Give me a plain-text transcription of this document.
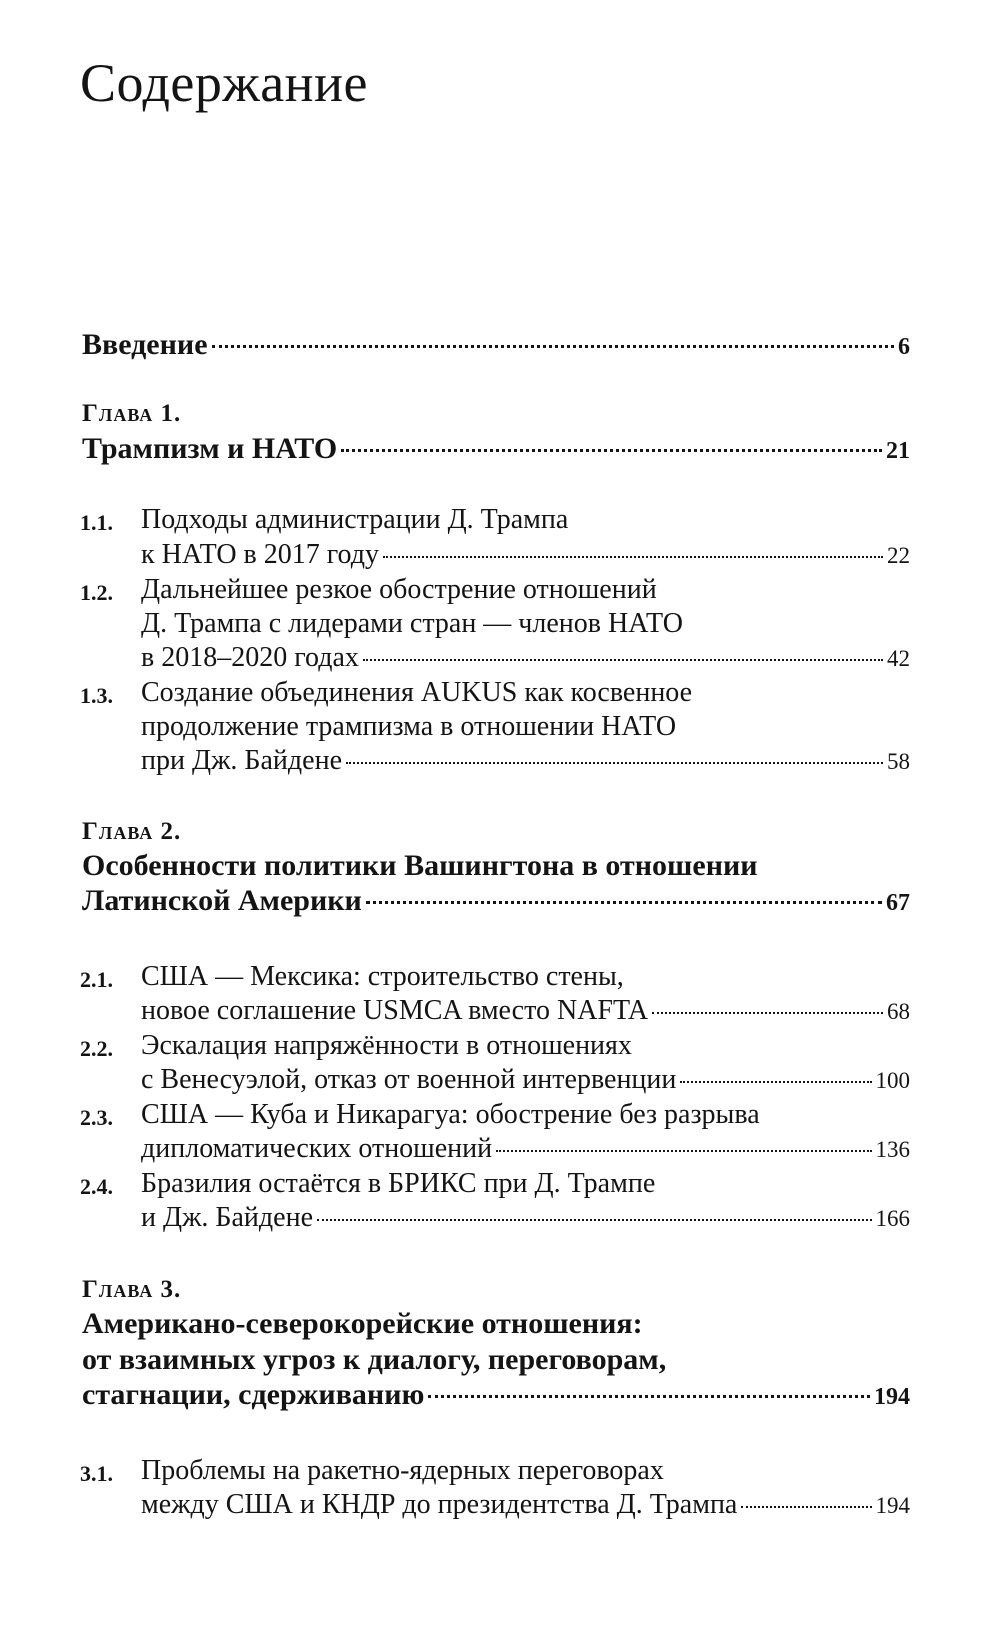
Содержание
Введение	6
Глава 1.
Трампизм и НАТО	21
1.1. Подходы администрации Д. Трампа
к НАТО в 2017 году	22
1.2. Дальнейшее резкое обострение отношений
Д. Трампа с лидерами стран — членов НАТО
в 2018–2020 годах	42
1.3. Создание объединения AUKUS как косвенное
продолжение трампизма в отношении НАТО
при Дж. Байдене	58
Глава 2.
Особенности политики Вашингтона в отношении
Латинской Америки	67
2.1. США — Мексика: строительство стены,
новое соглашение USMCA вместо NAFTA	68
2.2. Эскалация напряжённости в отношениях
с Венесуэлой, отказ от военной интервенции	100
2.3. США — Куба и Никарагуа: обострение без разрыва
дипломатических отношений	136
2.4. Бразилия остаётся в БРИКС при Д. Трампе
и Дж. Байдене	166
Глава 3.
Американо-северокорейские отношения:
от взаимных угроз к диалогу, переговорам,
стагнации, сдерживанию	194
3.1. Проблемы на ракетно-ядерных переговорах
между США и КНДР до президентства Д. Трампа	194
